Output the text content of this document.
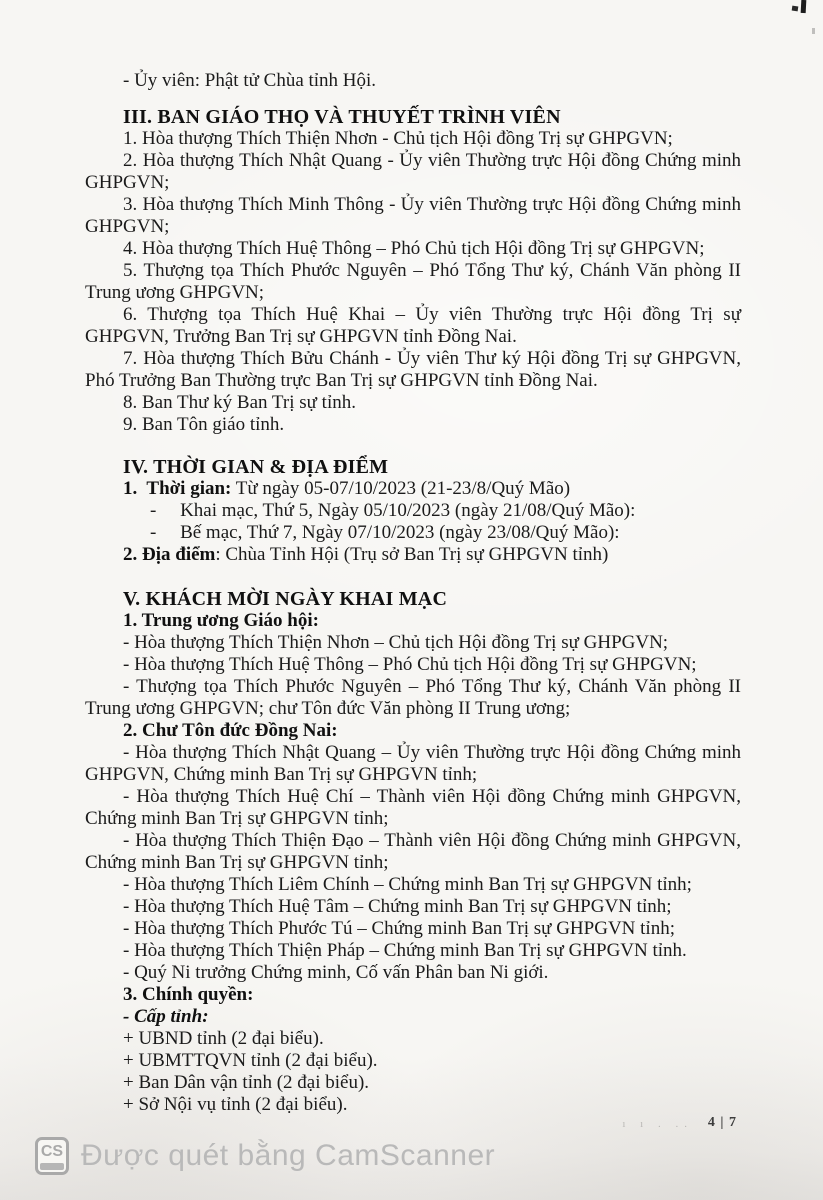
- Ủy viên: Phật tử Chùa tỉnh Hội.
III. BAN GIÁO THỌ VÀ THUYẾT TRÌNH VIÊN
1. Hòa thượng Thích Thiện Nhơn - Chủ tịch Hội đồng Trị sự GHPGVN;
2. Hòa thượng Thích Nhật Quang - Ủy viên Thường trực Hội đồng Chứng minh
GHPGVN;
3. Hòa thượng Thích Minh Thông - Ủy viên Thường trực Hội đồng Chứng minh
GHPGVN;
4. Hòa thượng Thích Huệ Thông – Phó Chủ tịch Hội đồng Trị sự GHPGVN;
5. Thượng tọa Thích Phước Nguyên – Phó Tổng Thư ký, Chánh Văn phòng II
Trung ương GHPGVN;
6. Thượng tọa Thích Huệ Khai – Ủy viên Thường trực Hội đồng Trị sự
GHPGVN, Trưởng Ban Trị sự GHPGVN tỉnh Đồng Nai.
7. Hòa thượng Thích Bửu Chánh - Ủy viên Thư ký Hội đồng Trị sự GHPGVN,
Phó Trưởng Ban Thường trực Ban Trị sự GHPGVN tỉnh Đồng Nai.
8. Ban Thư ký Ban Trị sự tỉnh.
9. Ban Tôn giáo tỉnh.
IV. THỜI GIAN & ĐỊA ĐIỂM
1.  Thời gian: Từ ngày 05-07/10/2023 (21-23/8/Quý Mão)
-     Khai mạc, Thứ 5, Ngày 05/10/2023 (ngày 21/08/Quý Mão):
-     Bế mạc, Thứ 7, Ngày 07/10/2023 (ngày 23/08/Quý Mão):
2. Địa điểm: Chùa Tỉnh Hội (Trụ sở Ban Trị sự GHPGVN tỉnh)
V. KHÁCH MỜI NGÀY KHAI MẠC
1. Trung ương Giáo hội:
- Hòa thượng Thích Thiện Nhơn – Chủ tịch Hội đồng Trị sự GHPGVN;
- Hòa thượng Thích Huệ Thông – Phó Chủ tịch Hội đồng Trị sự GHPGVN;
- Thượng tọa Thích Phước Nguyên – Phó Tổng Thư ký, Chánh Văn phòng II
Trung ương GHPGVN; chư Tôn đức Văn phòng II Trung ương;
2. Chư Tôn đức Đồng Nai:
- Hòa thượng Thích Nhật Quang – Ủy viên Thường trực Hội đồng Chứng minh
GHPGVN, Chứng minh Ban Trị sự GHPGVN tỉnh;
- Hòa thượng Thích Huệ Chí – Thành viên Hội đồng Chứng minh GHPGVN,
Chứng minh Ban Trị sự GHPGVN tỉnh;
- Hòa thượng Thích Thiện Đạo – Thành viên Hội đồng Chứng minh GHPGVN,
Chứng minh Ban Trị sự GHPGVN tỉnh;
- Hòa thượng Thích Liêm Chính – Chứng minh Ban Trị sự GHPGVN tỉnh;
- Hòa thượng Thích Huệ Tâm – Chứng minh Ban Trị sự GHPGVN tỉnh;
- Hòa thượng Thích Phước Tú – Chứng minh Ban Trị sự GHPGVN tỉnh;
- Hòa thượng Thích Thiện Pháp – Chứng minh Ban Trị sự GHPGVN tỉnh.
- Quý Ni trưởng Chứng minh, Cố vấn Phân ban Ni giới.
3. Chính quyền:
- Cấp tỉnh:
+ UBND tỉnh (2 đại biểu).
+ UBMTTQVN tỉnh (2 đại biểu).
+ Ban Dân vận tỉnh (2 đại biểu).
+ Sở Nội vụ tỉnh (2 đại biểu).
ı ı . .. 4 | 7
CS Được quét bằng CamScanner
